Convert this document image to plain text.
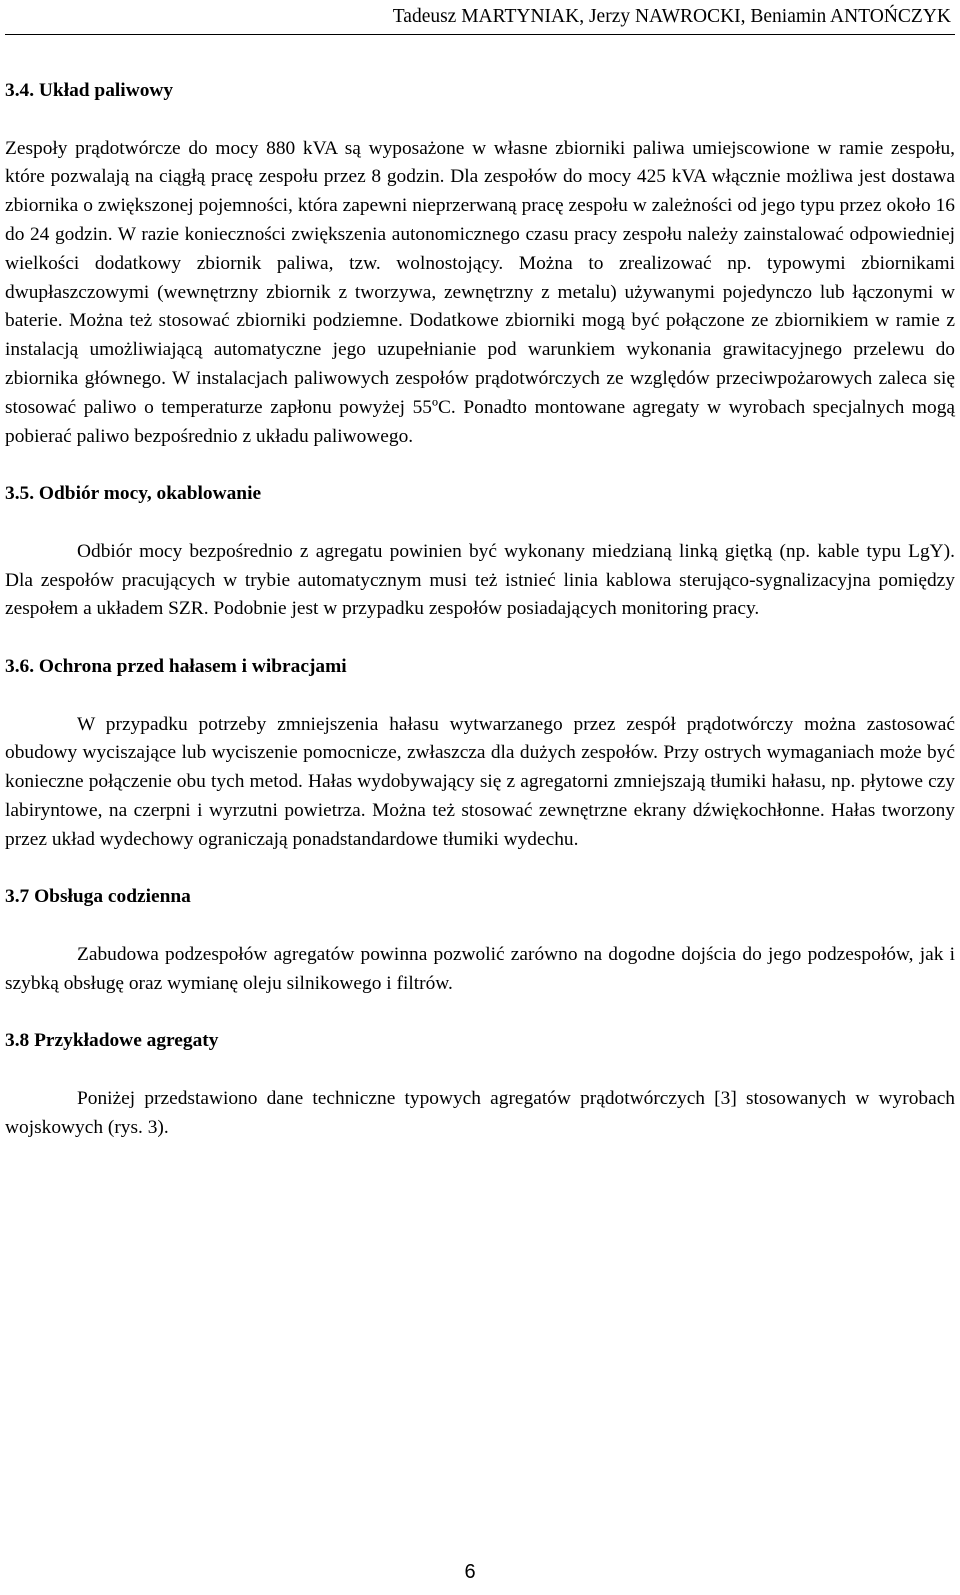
Tadeusz MARTYNIAK, Jerzy NAWROCKI, Beniamin ANTOŃCZYK
3.4. Układ paliwowy

Zespoły prądotwórcze do mocy 880 kVA są wyposażone w własne zbiorniki paliwa umiejscowione w ramie zespołu, które pozwalają na ciągłą pracę zespołu przez 8 godzin. Dla zespołów do mocy 425 kVA włącznie możliwa jest dostawa zbiornika o zwiększonej pojemności, która zapewni nieprzerwaną pracę zespołu w zależności od jego typu przez około 16 do 24 godzin. W razie konieczności zwiększenia autonomicznego czasu pracy zespołu należy zainstalować odpowiedniej wielkości dodatkowy zbiornik paliwa, tzw. wolnostojący. Można to zrealizować np. typowymi zbiornikami dwupłaszczowymi (wewnętrzny zbiornik z tworzywa, zewnętrzny z metalu) używanymi pojedynczo lub łączonymi w baterie. Można też stosować zbiorniki podziemne. Dodatkowe zbiorniki mogą być połączone ze zbiornikiem w ramie z instalacją umożliwiającą automatyczne jego uzupełnianie pod warunkiem wykonania grawitacyjnego przelewu do zbiornika głównego. W instalacjach paliwowych zespołów prądotwórczych ze względów przeciwpożarowych zaleca się stosować paliwo o temperaturze zapłonu powyżej 55ºC. Ponadto montowane agregaty w wyrobach specjalnych mogą pobierać paliwo bezpośrednio z układu paliwowego.

3.5. Odbiór mocy, okablowanie

Odbiór mocy bezpośrednio z agregatu powinien być wykonany miedzianą linką giętką (np. kable typu LgY). Dla zespołów pracujących w trybie automatycznym musi też istnieć linia kablowa sterująco-sygnalizacyjna pomiędzy zespołem a układem SZR. Podobnie jest w przypadku zespołów posiadających monitoring pracy.

3.6. Ochrona przed hałasem i wibracjami

W przypadku potrzeby zmniejszenia hałasu wytwarzanego przez zespół prądotwórczy można zastosować obudowy wyciszające lub wyciszenie pomocnicze, zwłaszcza dla dużych zespołów. Przy ostrych wymaganiach może być konieczne połączenie obu tych metod. Hałas wydobywający się z agregatorni zmniejszają tłumiki hałasu, np. płytowe czy labiryntowe, na czerpni i wyrzutni powietrza. Można też stosować zewnętrzne ekrany dźwiękochłonne. Hałas tworzony przez układ wydechowy ograniczają ponadstandardowe tłumiki wydechu.

3.7 Obsługa codzienna

Zabudowa podzespołów agregatów powinna pozwolić zarówno na dogodne dojścia do jego podzespołów, jak i szybką obsługę oraz wymianę oleju silnikowego i filtrów.

3.8 Przykładowe agregaty

Poniżej przedstawiono dane techniczne typowych agregatów prądotwórczych [3] stosowanych w wyrobach wojskowych (rys. 3).

6
